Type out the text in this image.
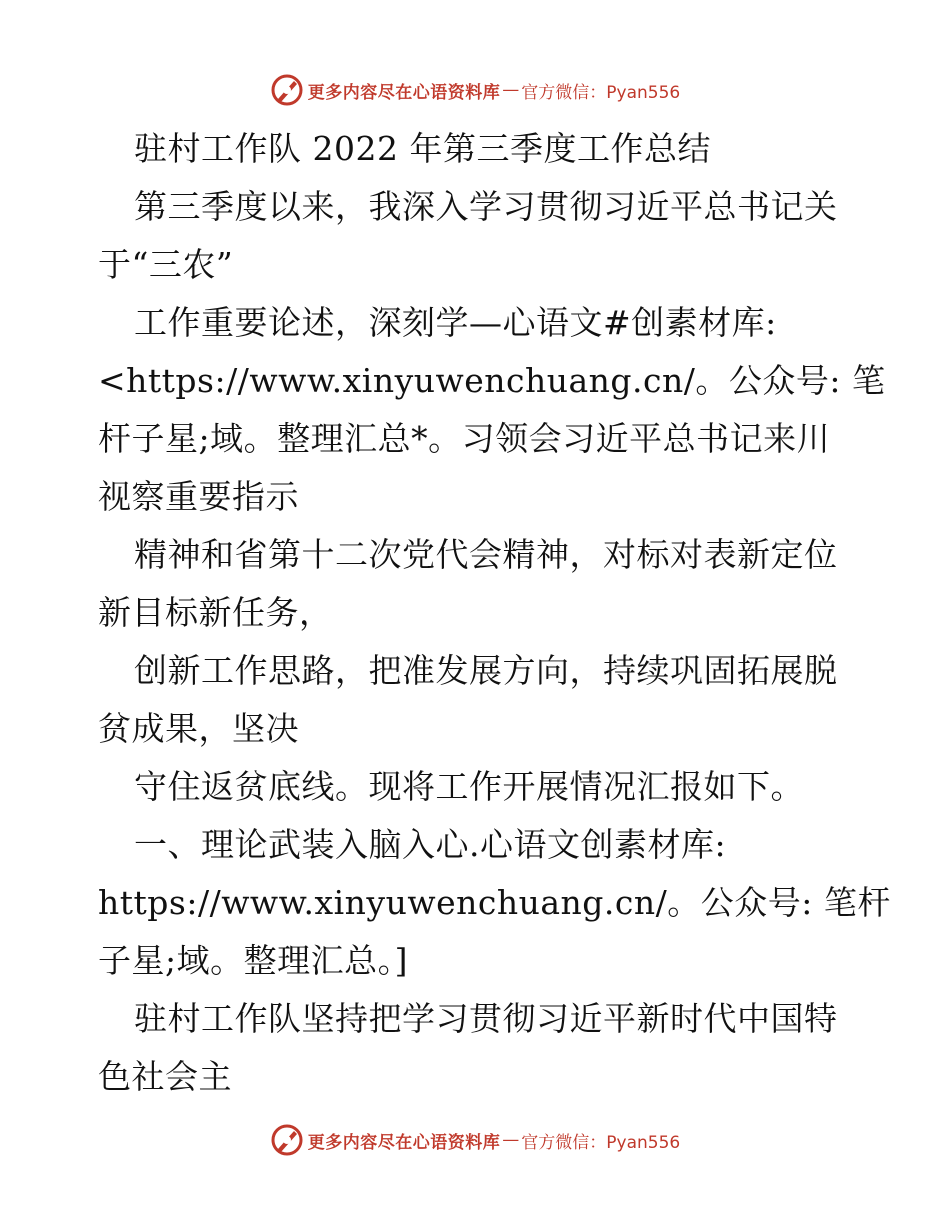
更多内容尽在心语资料库 — 官方微信：Pyan556
驻村工作队 2022 年第三季度工作总结
第三季度以来，我深入学习贯彻习近平总书记关
于“三农”
工作重要论述，深刻学—心语文#创素材库:
<https://www.xinyuwenchuang.cn/。公众号: 笔
杆子星;域。整理汇总*。习领会习近平总书记来川
视察重要指示
精神和省第十二次党代会精神，对标对表新定位
新目标新任务，
创新工作思路，把准发展方向，持续巩固拓展脱
贫成果，坚决
守住返贫底线。现将工作开展情况汇报如下。
一、理论武装入脑入心.心语文创素材库:
https://www.xinyuwenchuang.cn/。公众号: 笔杆
子星;域。整理汇总。]
驻村工作队坚持把学习贯彻习近平新时代中国特
色社会主
更多内容尽在心语资料库 — 官方微信：Pyan556
